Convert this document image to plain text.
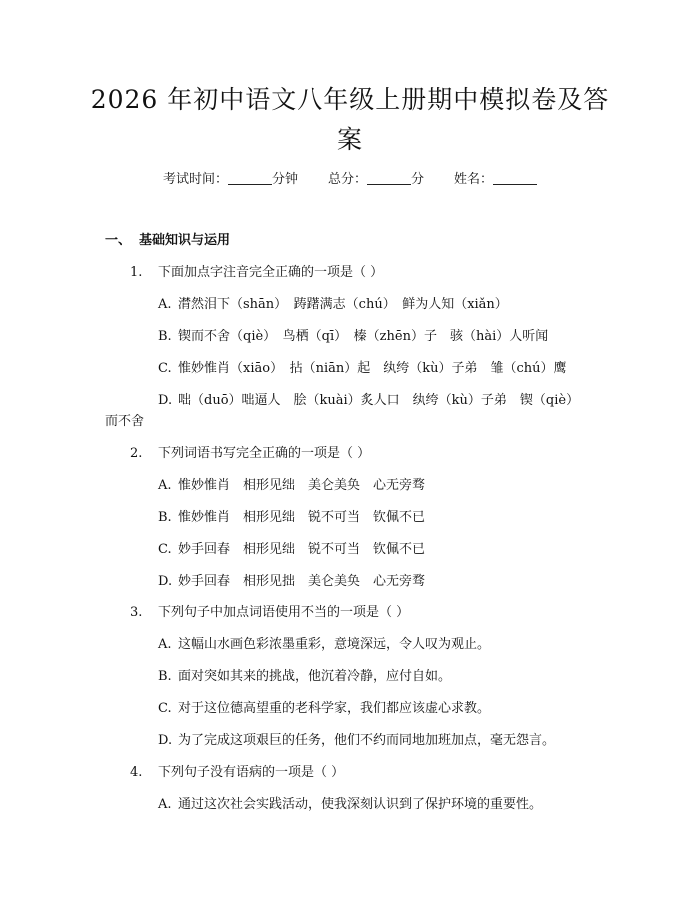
2026 年初中语文八年级上册期中模拟卷及答
案
考试时间：	分钟 总分：	分 姓名：
一、 基础知识与运用
1. 下面加点字注音完全正确的一项是（ ）
A. 潸然泪下（shān）　踌躇满志（chú）　鲜为人知（xiǎn）
B. 锲而不舍（qiè）　鸟栖（qī）　榛（zhēn）子　骇（hài）人听闻
C. 惟妙惟肖（xiāo）　拈（niān）起　纨绔（kù）子弟　雏（chú）鹰
D. 咄（duō）咄逼人　脍（kuài）炙人口　纨绔（kù）子弟　锲（qiè）
而不舍
2. 下列词语书写完全正确的一项是（ ）
A. 惟妙惟肖　相形见绌　美仑美奂　心无旁骛
B. 惟妙惟肖　相形见绌　锐不可当　钦佩不已
C. 妙手回春　相形见绌　锐不可当　钦佩不已
D. 妙手回春　相形见拙　美仑美奂　心无旁骛
3. 下列句子中加点词语使用不当的一项是（ ）
A. 这幅山水画色彩浓墨重彩，意境深远，令人叹为观止。
B. 面对突如其来的挑战，他沉着冷静，应付自如。
C. 对于这位德高望重的老科学家，我们都应该虚心求教。
D. 为了完成这项艰巨的任务，他们不约而同地加班加点，毫无怨言。
4. 下列句子没有语病的一项是（ ）
A. 通过这次社会实践活动，使我深刻认识到了保护环境的重要性。
